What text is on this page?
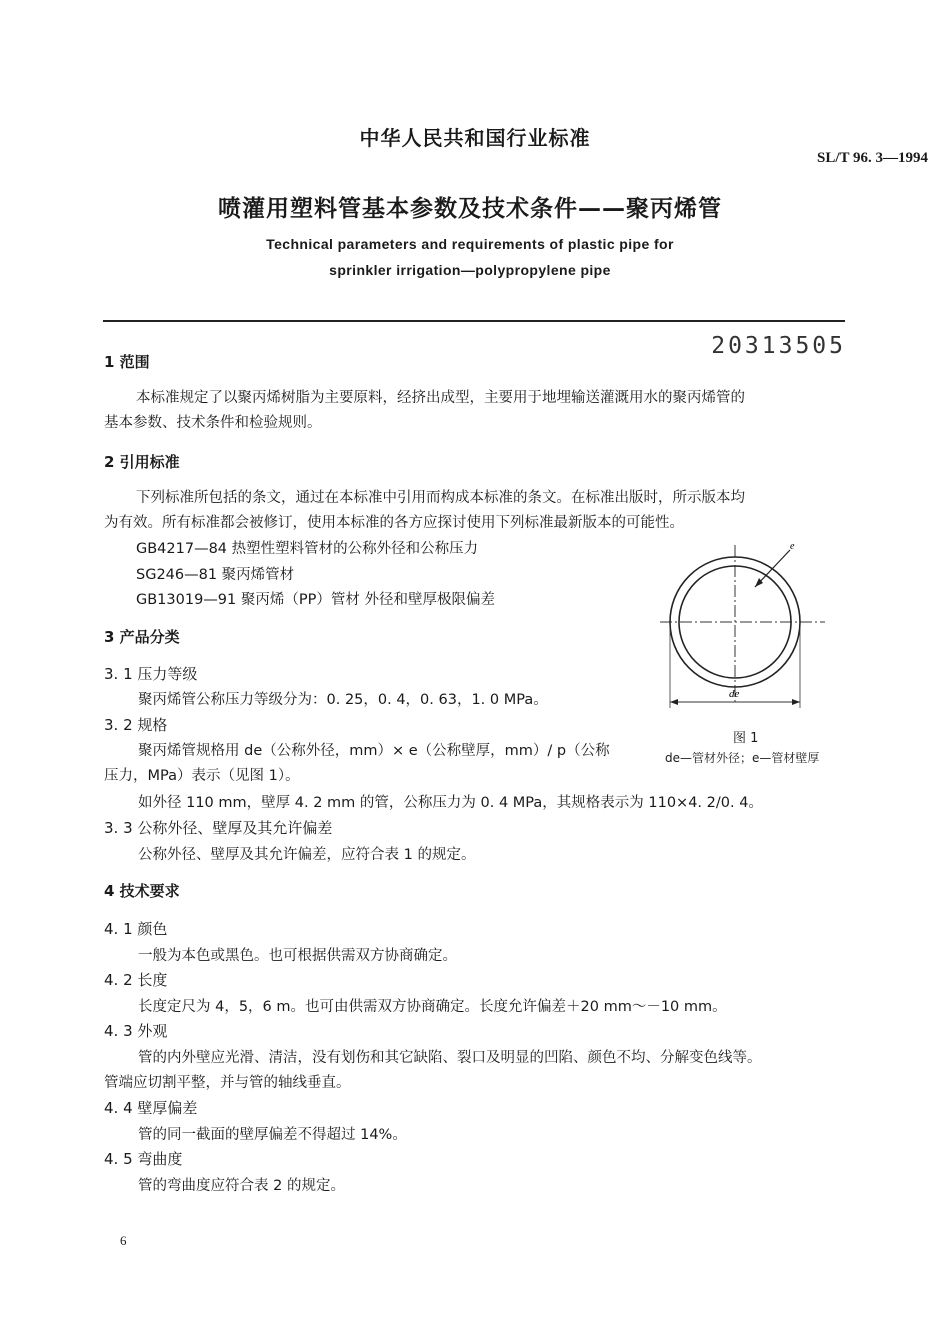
中华人民共和国行业标准
SL/T 96. 3—1994
喷灌用塑料管基本参数及技术条件——聚丙烯管
Technical parameters and requirements of plastic pipe for
sprinkler irrigation—polypropylene pipe
20313505
1 范围
本标准规定了以聚丙烯树脂为主要原料，经挤出成型，主要用于地埋输送灌溉用水的聚丙烯管的
基本参数、技术条件和检验规则。
2 引用标准
下列标准所包括的条文，通过在本标准中引用而构成本标准的条文。在标准出版时，所示版本均
为有效。所有标准都会被修订，使用本标准的各方应探讨使用下列标准最新版本的可能性。
GB4217—84 热塑性塑料管材的公称外径和公称压力
SG246—81 聚丙烯管材
GB13019—91 聚丙烯（PP）管材 外径和壁厚极限偏差
3 产品分类
3. 1 压力等级
聚丙烯管公称压力等级分为：0. 25，0. 4，0. 63，1. 0 MPa。
3. 2 规格
聚丙烯管规格用 de（公称外径，mm）× e（公称壁厚，mm）/ p（公称
压力，MPa）表示（见图 1）。
如外径 110 mm，壁厚 4. 2 mm 的管，公称压力为 0. 4 MPa，其规格表示为 110×4. 2/0. 4。
3. 3 公称外径、壁厚及其允许偏差
公称外径、壁厚及其允许偏差，应符合表 1 的规定。
4 技术要求
4. 1 颜色
一般为本色或黑色。也可根据供需双方协商确定。
4. 2 长度
长度定尺为 4，5，6 m。也可由供需双方协商确定。长度允许偏差＋20 mm～－10 mm。
4. 3 外观
管的内外壁应光滑、清洁，没有划伤和其它缺陷、裂口及明显的凹陷、颜色不均、分解变色线等。
管端应切割平整，并与管的轴线垂直。
4. 4 壁厚偏差
管的同一截面的壁厚偏差不得超过 14%。
4. 5 弯曲度
管的弯曲度应符合表 2 的规定。
e
de
图 1
de—管材外径；e—管材壁厚
6
